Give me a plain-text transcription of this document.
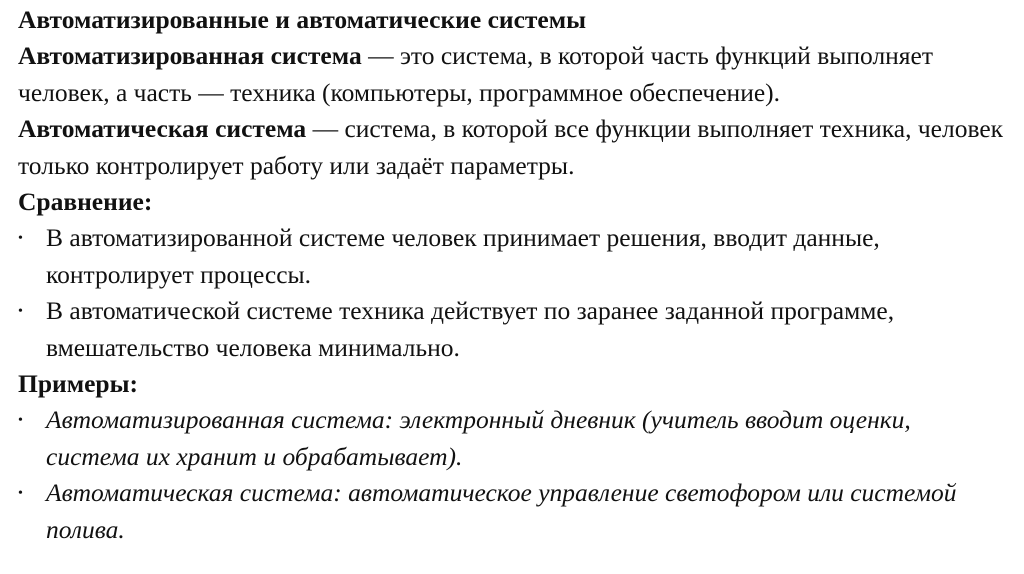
Автоматизированные и автоматические системы

Автоматизированная система — это система, в которой часть функций выполняет человек, а часть — техника (компьютеры, программное обеспечение).

Автоматическая система — система, в которой все функции выполняет техника, человек только контролирует работу или задаёт параметры.

Сравнение:

• В автоматизированной системе человек принимает решения, вводит данные, контролирует процессы.
• В автоматической системе техника действует по заранее заданной программе, вмешательство человека минимально.

Примеры:

• Автоматизированная система: электронный дневник (учитель вводит оценки, система их хранит и обрабатывает).
• Автоматическая система: автоматическое управление светофором или системой полива.
